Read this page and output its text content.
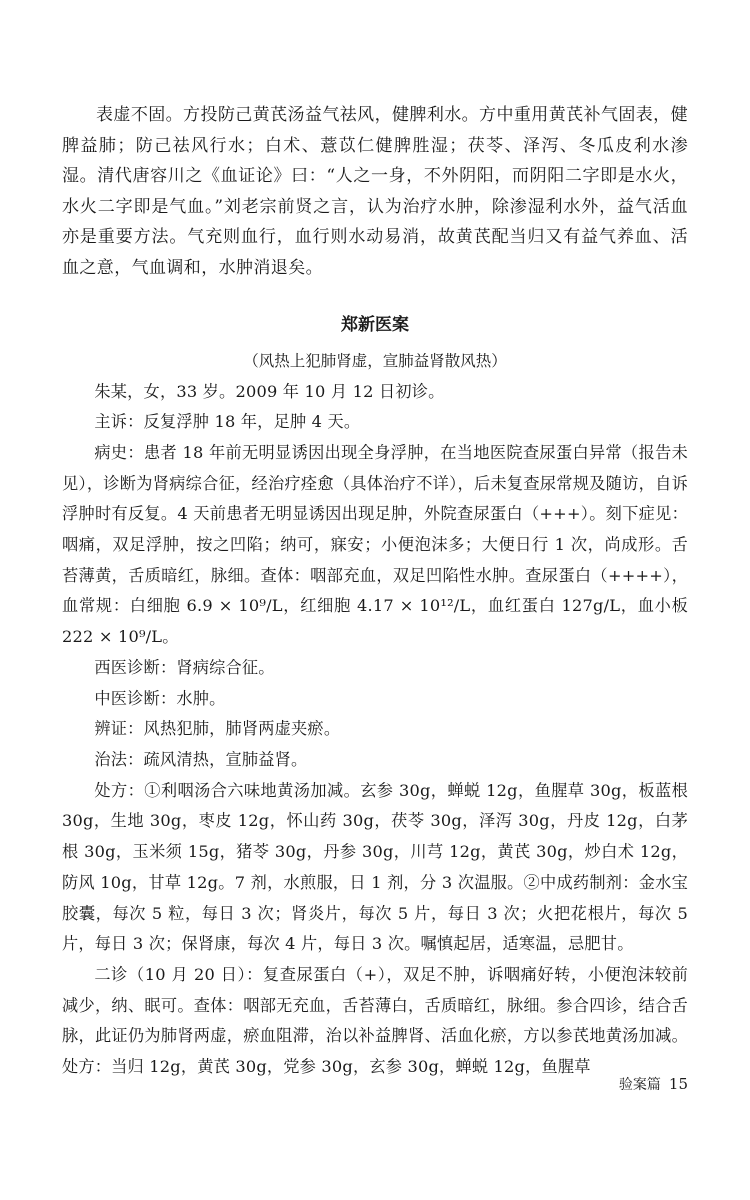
表虚不固。方投防己黄芪汤益气祛风，健脾利水。方中重用黄芪补气固表，健脾益肺；防己祛风行水；白术、薏苡仁健脾胜湿；茯苓、泽泻、冬瓜皮利水渗湿。清代唐容川之《血证论》曰：“人之一身，不外阴阳，而阴阳二字即是水火，水火二字即是气血。”刘老宗前贤之言，认为治疗水肿，除渗湿利水外，益气活血亦是重要方法。气充则血行，血行则水动易消，故黄芪配当归又有益气养血、活血之意，气血调和，水肿消退矣。

郑新医案
（风热上犯肺肾虚，宣肺益肾散风热）

朱某，女，33 岁。2009 年 10 月 12 日初诊。

主诉：反复浮肿 18 年，足肿 4 天。

病史：患者 18 年前无明显诱因出现全身浮肿，在当地医院查尿蛋白异常（报告未见），诊断为肾病综合征，经治疗痊愈（具体治疗不详），后未复查尿常规及随访，自诉浮肿时有反复。4 天前患者无明显诱因出现足肿，外院查尿蛋白（+++）。刻下症见：咽痛，双足浮肿，按之凹陷；纳可，寐安；小便泡沫多；大便日行 1 次，尚成形。舌苔薄黄，舌质暗红，脉细。查体：咽部充血，双足凹陷性水肿。查尿蛋白（++++），血常规：白细胞 6.9 × 10⁹/L，红细胞 4.17 × 10¹²/L，血红蛋白 127g/L，血小板 222 × 10⁹/L。

西医诊断：肾病综合征。

中医诊断：水肿。

辨证：风热犯肺，肺肾两虚夹瘀。

治法：疏风清热，宣肺益肾。

处方：①利咽汤合六味地黄汤加减。玄参 30g，蝉蜕 12g，鱼腥草 30g，板蓝根 30g，生地 30g，枣皮 12g，怀山药 30g，茯苓 30g，泽泻 30g，丹皮 12g，白茅根 30g，玉米须 15g，猪苓 30g，丹参 30g，川芎 12g，黄芪 30g，炒白术 12g，防风 10g，甘草 12g。7 剂，水煎服，日 1 剂，分 3 次温服。②中成药制剂：金水宝胶囊，每次 5 粒，每日 3 次；肾炎片，每次 5 片，每日 3 次；火把花根片，每次 5 片，每日 3 次；保肾康，每次 4 片，每日 3 次。嘱慎起居，适寒温，忌肥甘。

二诊（10 月 20 日）：复查尿蛋白（+），双足不肿，诉咽痛好转，小便泡沫较前减少，纳、眠可。查体：咽部无充血，舌苔薄白，舌质暗红，脉细。参合四诊，结合舌脉，此证仍为肺肾两虚，瘀血阻滞，治以补益脾肾、活血化瘀，方以参芪地黄汤加减。处方：当归 12g，黄芪 30g，党参 30g，玄参 30g，蝉蜕 12g，鱼腥草

验案篇 15
